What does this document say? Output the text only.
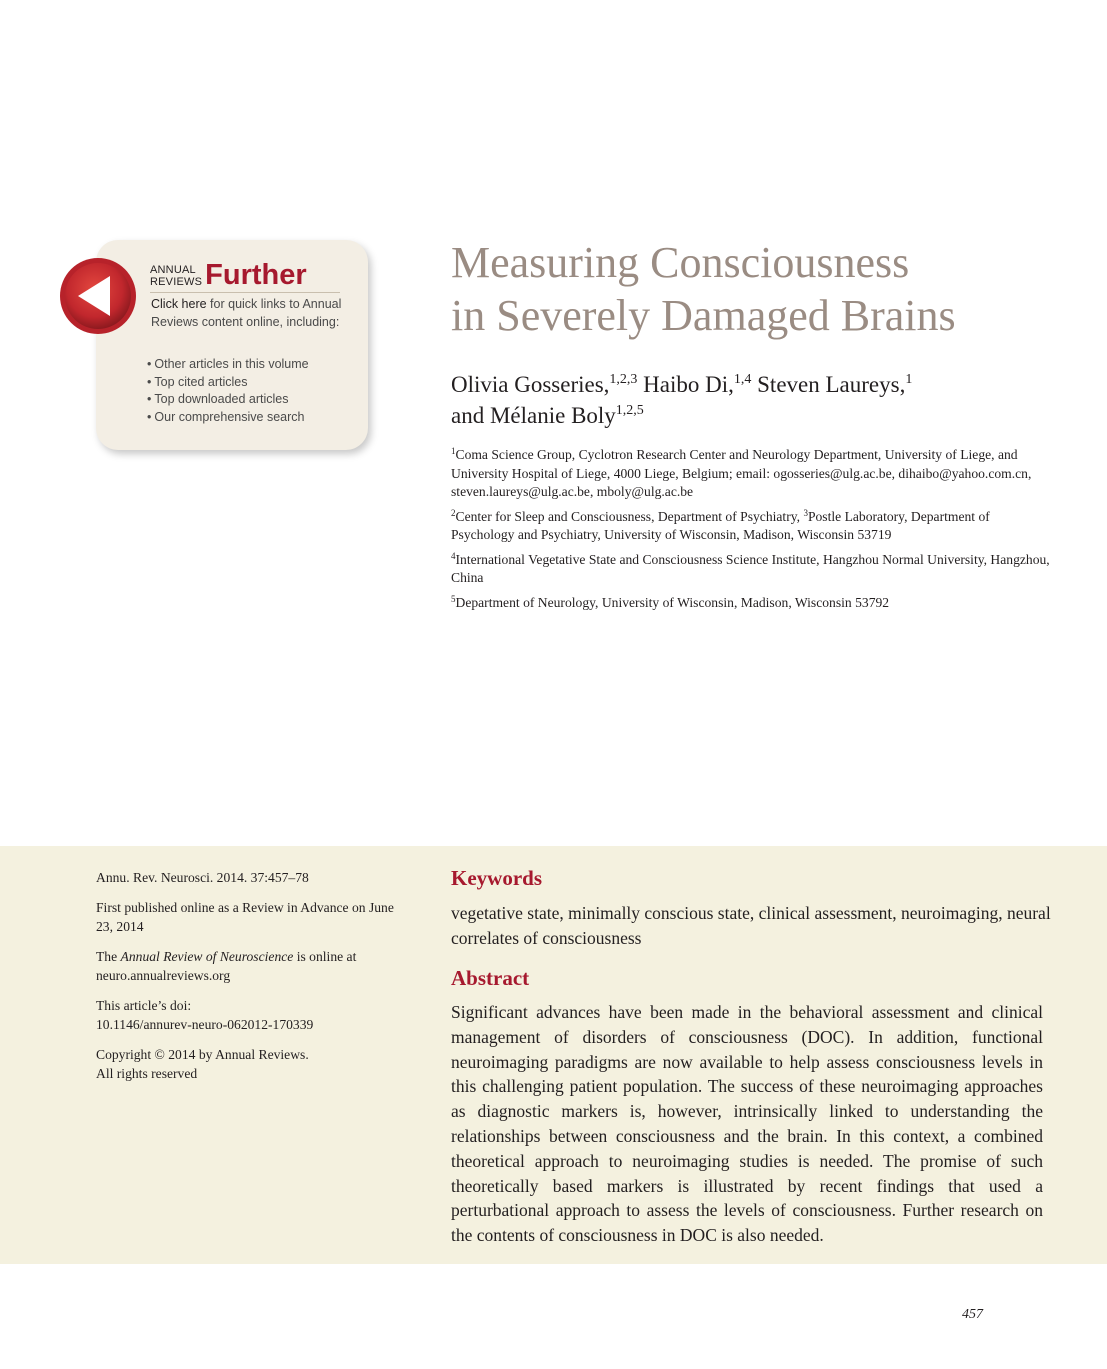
ANNUAL
REVIEWS Further
Click here for quick links to Annual Reviews content online, including:
• Other articles in this volume
• Top cited articles
• Top downloaded articles
• Our comprehensive search
Measuring Consciousness
in Severely Damaged Brains

Olivia Gosseries,$^{1,2,3}$ Haibo Di,$^{1,4}$ Steven Laureys,$^1$
and Mélanie Boly$^{1,2,5}$

$^1$Coma Science Group, Cyclotron Research Center and Neurology Department, University of Liege, and University Hospital of Liege, 4000 Liege, Belgium; email: ogosseries@ulg.ac.be, dihaibo@yahoo.com.cn, steven.laureys@ulg.ac.be, mboly@ulg.ac.be

$^2$Center for Sleep and Consciousness, Department of Psychiatry, $^3$Postle Laboratory, Department of Psychology and Psychiatry, University of Wisconsin, Madison, Wisconsin 53719

$^4$International Vegetative State and Consciousness Science Institute, Hangzhou Normal University, Hangzhou, China

$^5$Department of Neurology, University of Wisconsin, Madison, Wisconsin 53792

Annu. Rev. Neurosci. 2014. 37:457–78

First published online as a Review in Advance on June 23, 2014

The Annual Review of Neuroscience is online at neuro.annualreviews.org

This article’s doi:
10.1146/annurev-neuro-062012-170339

Copyright © 2014 by Annual Reviews.
All rights reserved

Keywords

vegetative state, minimally conscious state, clinical assessment, neuroimaging, neural correlates of consciousness

Abstract

Significant advances have been made in the behavioral assessment and clinical management of disorders of consciousness (DOC). In addition, functional neuroimaging paradigms are now available to help assess consciousness levels in this challenging patient population. The success of these neuroimaging approaches as diagnostic markers is, however, intrinsically linked to understanding the relationships between consciousness and the brain. In this context, a combined theoretical approach to neuroimaging studies is needed. The promise of such theoretically based markers is illustrated by recent findings that used a perturbational approach to assess the levels of consciousness. Further research on the contents of consciousness in DOC is also needed.

457
